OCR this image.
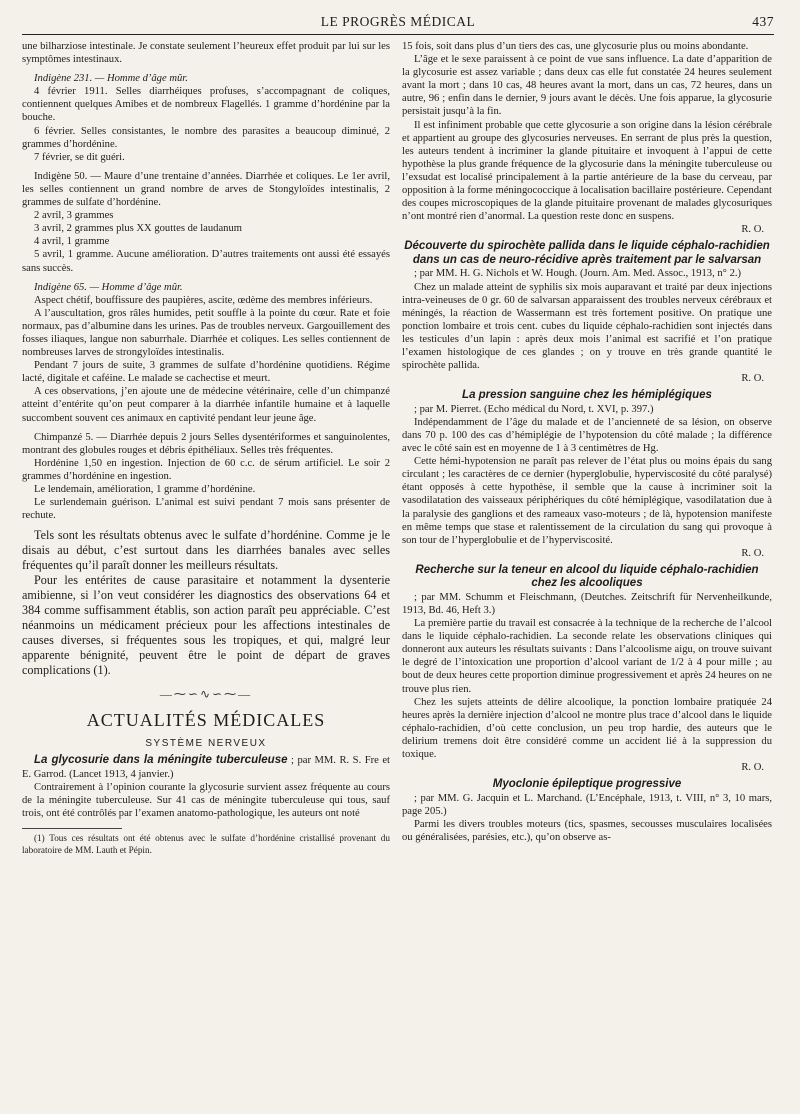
LE PROGRÈS MÉDICAL	437

une bilharziose intestinale. Je constate seulement l’heureux effet produit par lui sur les symptômes intestinaux.

Indigène 231. — Homme d’âge mûr.

4 février 1911. Selles diarrhéiques profuses, s’accompagnant de coliques, contiennent quelques Amibes et de nombreux Flagellés. 1 gramme d’hordénine par la bouche.

6 février. Selles consistantes, le nombre des parasites a beaucoup diminué, 2 grammes d’hordénine.

7 février, se dit guéri.

Indigène 50. — Maure d’une trentaine d’années. Diarrhée et coliques. Le 1er avril, les selles contiennent un grand nombre de arves de Stongyloïdes intestinalis, 2 grammes de sulfate d’hordénine.

2 avril, 3 grammes

3 avril, 2 grammes plus XX gouttes de laudanum

4 avril, 1 gramme

5 avril, 1 gramme. Aucune amélioration. D’autres traitements ont aussi été essayés sans succès.

Indigène 65. — Homme d’âge mûr.

Aspect chétif, bouffissure des paupières, ascite, œdème des membres inférieurs.

A l’auscultation, gros râles humides, petit souffle à la pointe du cœur. Rate et foie normaux, pas d’albumine dans les urines. Pas de troubles nerveux. Gargouillement des fosses iliaques, langue non saburrhale. Diarrhée et coliques. Les selles contiennent de nombreuses larves de strongyloïdes intestinalis.

Pendant 7 jours de suite, 3 grammes de sulfate d’hordénine quotidiens. Régime lacté, digitale et caféine. Le malade se cachectise et meurt.

A ces observations, j’en ajoute une de médecine vétérinaire, celle d’un chimpanzé atteint d’entérite qu’on peut comparer à la diarrhée infantile humaine et à laquelle succombent souvent ces animaux en captivité pendant leur jeune âge.

Chimpanzé 5. — Diarrhée depuis 2 jours Selles dysentériformes et sanguinolentes, montrant des globules rouges et débris épithéliaux. Selles très fréquentes.

Hordénine 1,50 en ingestion. Injection de 60 c.c. de sérum artificiel. Le soir 2 grammes d’hordénine en ingestion.

Le lendemain, amélioration, 1 gramme d’hordénine.

Le surlendemain guérison. L’animal est suivi pendant 7 mois sans présenter de rechute.

Tels sont les résultats obtenus avec le sulfate d’hordénine. Comme je le disais au début, c’est surtout dans les diarrhées banales avec selles fréquentes qu’il paraît donner les meilleurs résultats.

Pour les entérites de cause parasitaire et notamment la dysenterie amibienne, si l’on veut considérer les diagnostics des observations 64 et 384 comme suffisamment établis, son action paraît peu appréciable. C’est néanmoins un médicament précieux pour les affections intestinales de causes diverses, si fréquentes sous les tropiques, et qui, malgré leur apparente bénignité, peuvent être le point de départ de graves complications (1).

—⁓∽∿∽⁓—
ACTUALITÉS MÉDICALES
SYSTÈME NERVEUX

La glycosurie dans la méningite tuberculeuse ; par MM. R. S. Fre et E. Garrod. (Lancet 1913, 4 janvier.)

Contrairement à l’opinion courante la glycosurie survient assez fréquente au cours de la méningite tuberculeuse. Sur 41 cas de méningite tuberculeuse qui tous, sauf trois, ont été contrôlés par l’examen anatomo-pathologique, les auteurs ont noté

(1) Tous ces résultats ont été obtenus avec le sulfate d’hordénine cristallisé provenant du laboratoire de MM. Lauth et Pépin.

15 fois, soit dans plus d’un tiers des cas, une glycosurie plus ou moins abondante.

L’âge et le sexe paraissent à ce point de vue sans influence. La date d’apparition de la glycosurie est assez variable ; dans deux cas elle fut constatée 24 heures seulement avant la mort ; dans 10 cas, 48 heures avant la mort, dans un cas, 72 heures, dans un autre, 96 ; enfin dans le dernier, 9 jours avant le décès. Une fois apparue, la glycosurie persistait jusqu’à la fin.

Il est infiniment probable que cette glycosurie a son origine dans la lésion cérébrale et appartient au groupe des glycosuries nerveuses. En serrant de plus près la question, les auteurs tendent à incriminer la glande pituitaire et invoquent à l’appui de cette hypothèse la plus grande fréquence de la glycosurie dans la méningite tuberculeuse ou l’exsudat est localisé principalement à la partie antérieure de la base du cerveau, par opposition à la forme méningococcique à localisation bacillaire postérieure. Cependant des coupes microscopiques de la glande pituitaire provenant de malades glycosuriques n’ont montré rien d’anormal. La question reste donc en suspens.

R. O.
Découverte du spirochète pallida dans le liquide céphalo-rachidien dans un cas de neuro-récidive après traitement par le salvarsan

; par MM. H. G. Nichols et W. Hough. (Journ. Am. Med. Assoc., 1913, n° 2.)

Chez un malade atteint de syphilis six mois auparavant et traité par deux injections intra-veineuses de 0 gr. 60 de salvarsan apparaissent des troubles nerveux cérébraux et méningés, la réaction de Wassermann est très fortement positive. On pratique une ponction lombaire et trois cent. cubes du liquide céphalo-rachidien sont injectés dans les testicules d’un lapin : après deux mois l’animal est sacrifié et l’on pratique l’examen histologique de ces glandes ; on y trouve en très grande quantité le spirochète pallida.

R. O.
La pression sanguine chez les hémiplégiques

; par M. Pierret. (Echo médical du Nord, t. XVI, p. 397.)

Indépendamment de l’âge du malade et de l’ancienneté de sa lésion, on observe dans 70 p. 100 des cas d’hémiplégie de l’hypotension du côté malade ; la différence avec le côté sain est en moyenne de 1 à 3 centimètres de Hg.

Cette hémi-hypotension ne paraît pas relever de l’état plus ou moins épais du sang circulant ; les caractères de ce dernier (hyperglobulie, hyperviscosité du côté paralysé) étant opposés à cette hypothèse, il semble que la cause à incriminer soit la vasodilatation des vaisseaux périphériques du côté hémiplégique, vasodilatation due à la paralysie des ganglions et des rameaux vaso-moteurs ; de là, hypotension manifeste en même temps que stase et ralentissement de la circulation du sang qui provoque à son tour de l’hyperglobulie et de l’hyperviscosité.

R. O.
Recherche sur la teneur en alcool du liquide céphalo-rachidien chez les alcooliques

; par MM. Schumm et Fleischmann, (Deutches. Zeitschrift für Nervenheilkunde, 1913, Bd. 46, Heft 3.)

La première partie du travail est consacrée à la technique de la recherche de l’alcool dans le liquide céphalo-rachidien. La seconde relate les observations cliniques qui donneront aux auteurs les résultats suivants : Dans l’alcoolisme aigu, on trouve suivant le degré de l’intoxication une proportion d’alcool variant de 1/2 à 4 pour mille ; au bout de deux heures cette proportion diminue progressivement et après 24 heures on ne trouve plus rien.

Chez les sujets atteints de délire alcoolique, la ponction lombaire pratiquée 24 heures après la dernière injection d’alcool ne montre plus trace d’alcool dans le liquide céphalo-rachidien, d’où cette conclusion, un peu trop hardie, des auteurs que le delirium tremens doit être considéré comme un accident lié à la suppression du toxique.

R. O.
Myoclonie épileptique progressive

; par MM. G. Jacquin et L. Marchand. (L’Encéphale, 1913, t. VIII, n° 3, 10 mars, page 205.)

Parmi les divers troubles moteurs (tics, spasmes, secousses musculaires localisées ou généralisées, parésies, etc.), qu’on observe as-
